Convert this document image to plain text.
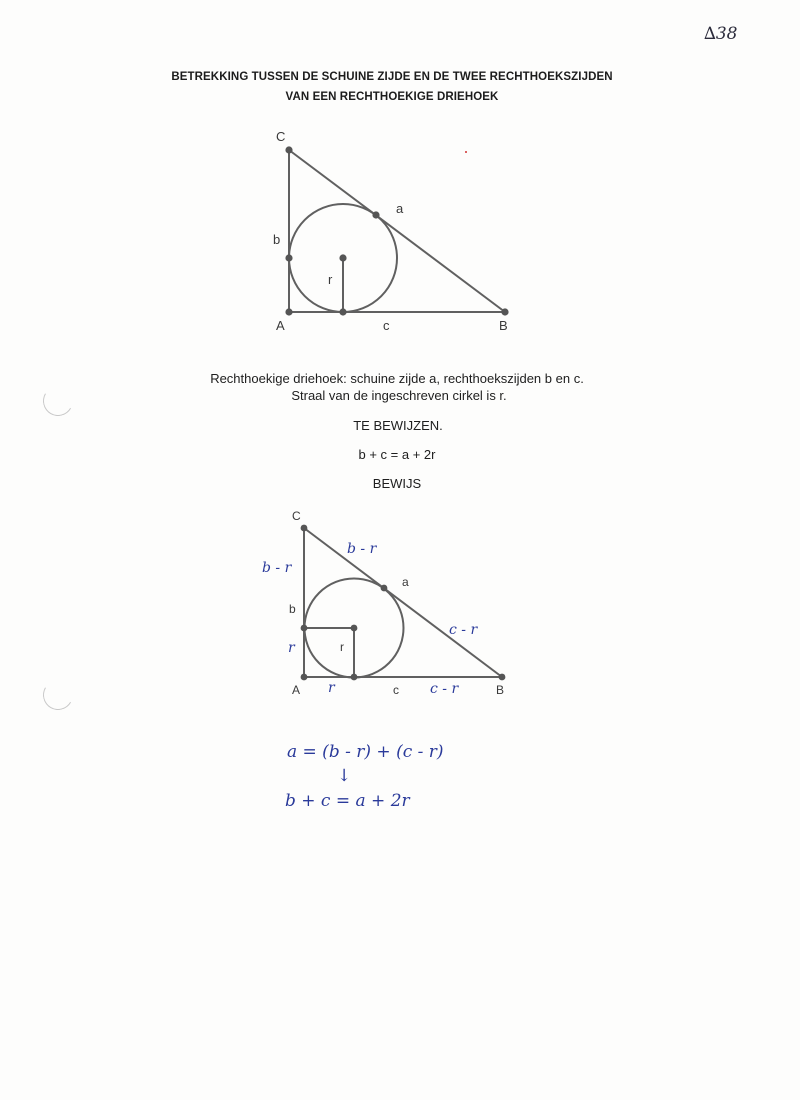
∆38
BETREKKING TUSSEN DE SCHUINE ZIJDE EN DE TWEE RECHTHOEKSZIJDEN
VAN EEN RECHTHOEKIGE DRIEHOEK
C
a
b
r
A	c	B
Rechthoekige driehoek: schuine zijde a, rechthoekszijden b en c.
Straal van de ingeschreven cirkel is r.
TE BEWIJZEN.
b + c = a + 2r
BEWIJS
C
a
b
r
A	c	B
b - r
b - r
c - r
r
r	c - r
a = (b - r) + (c - r)
↓
b + c = a + 2r
